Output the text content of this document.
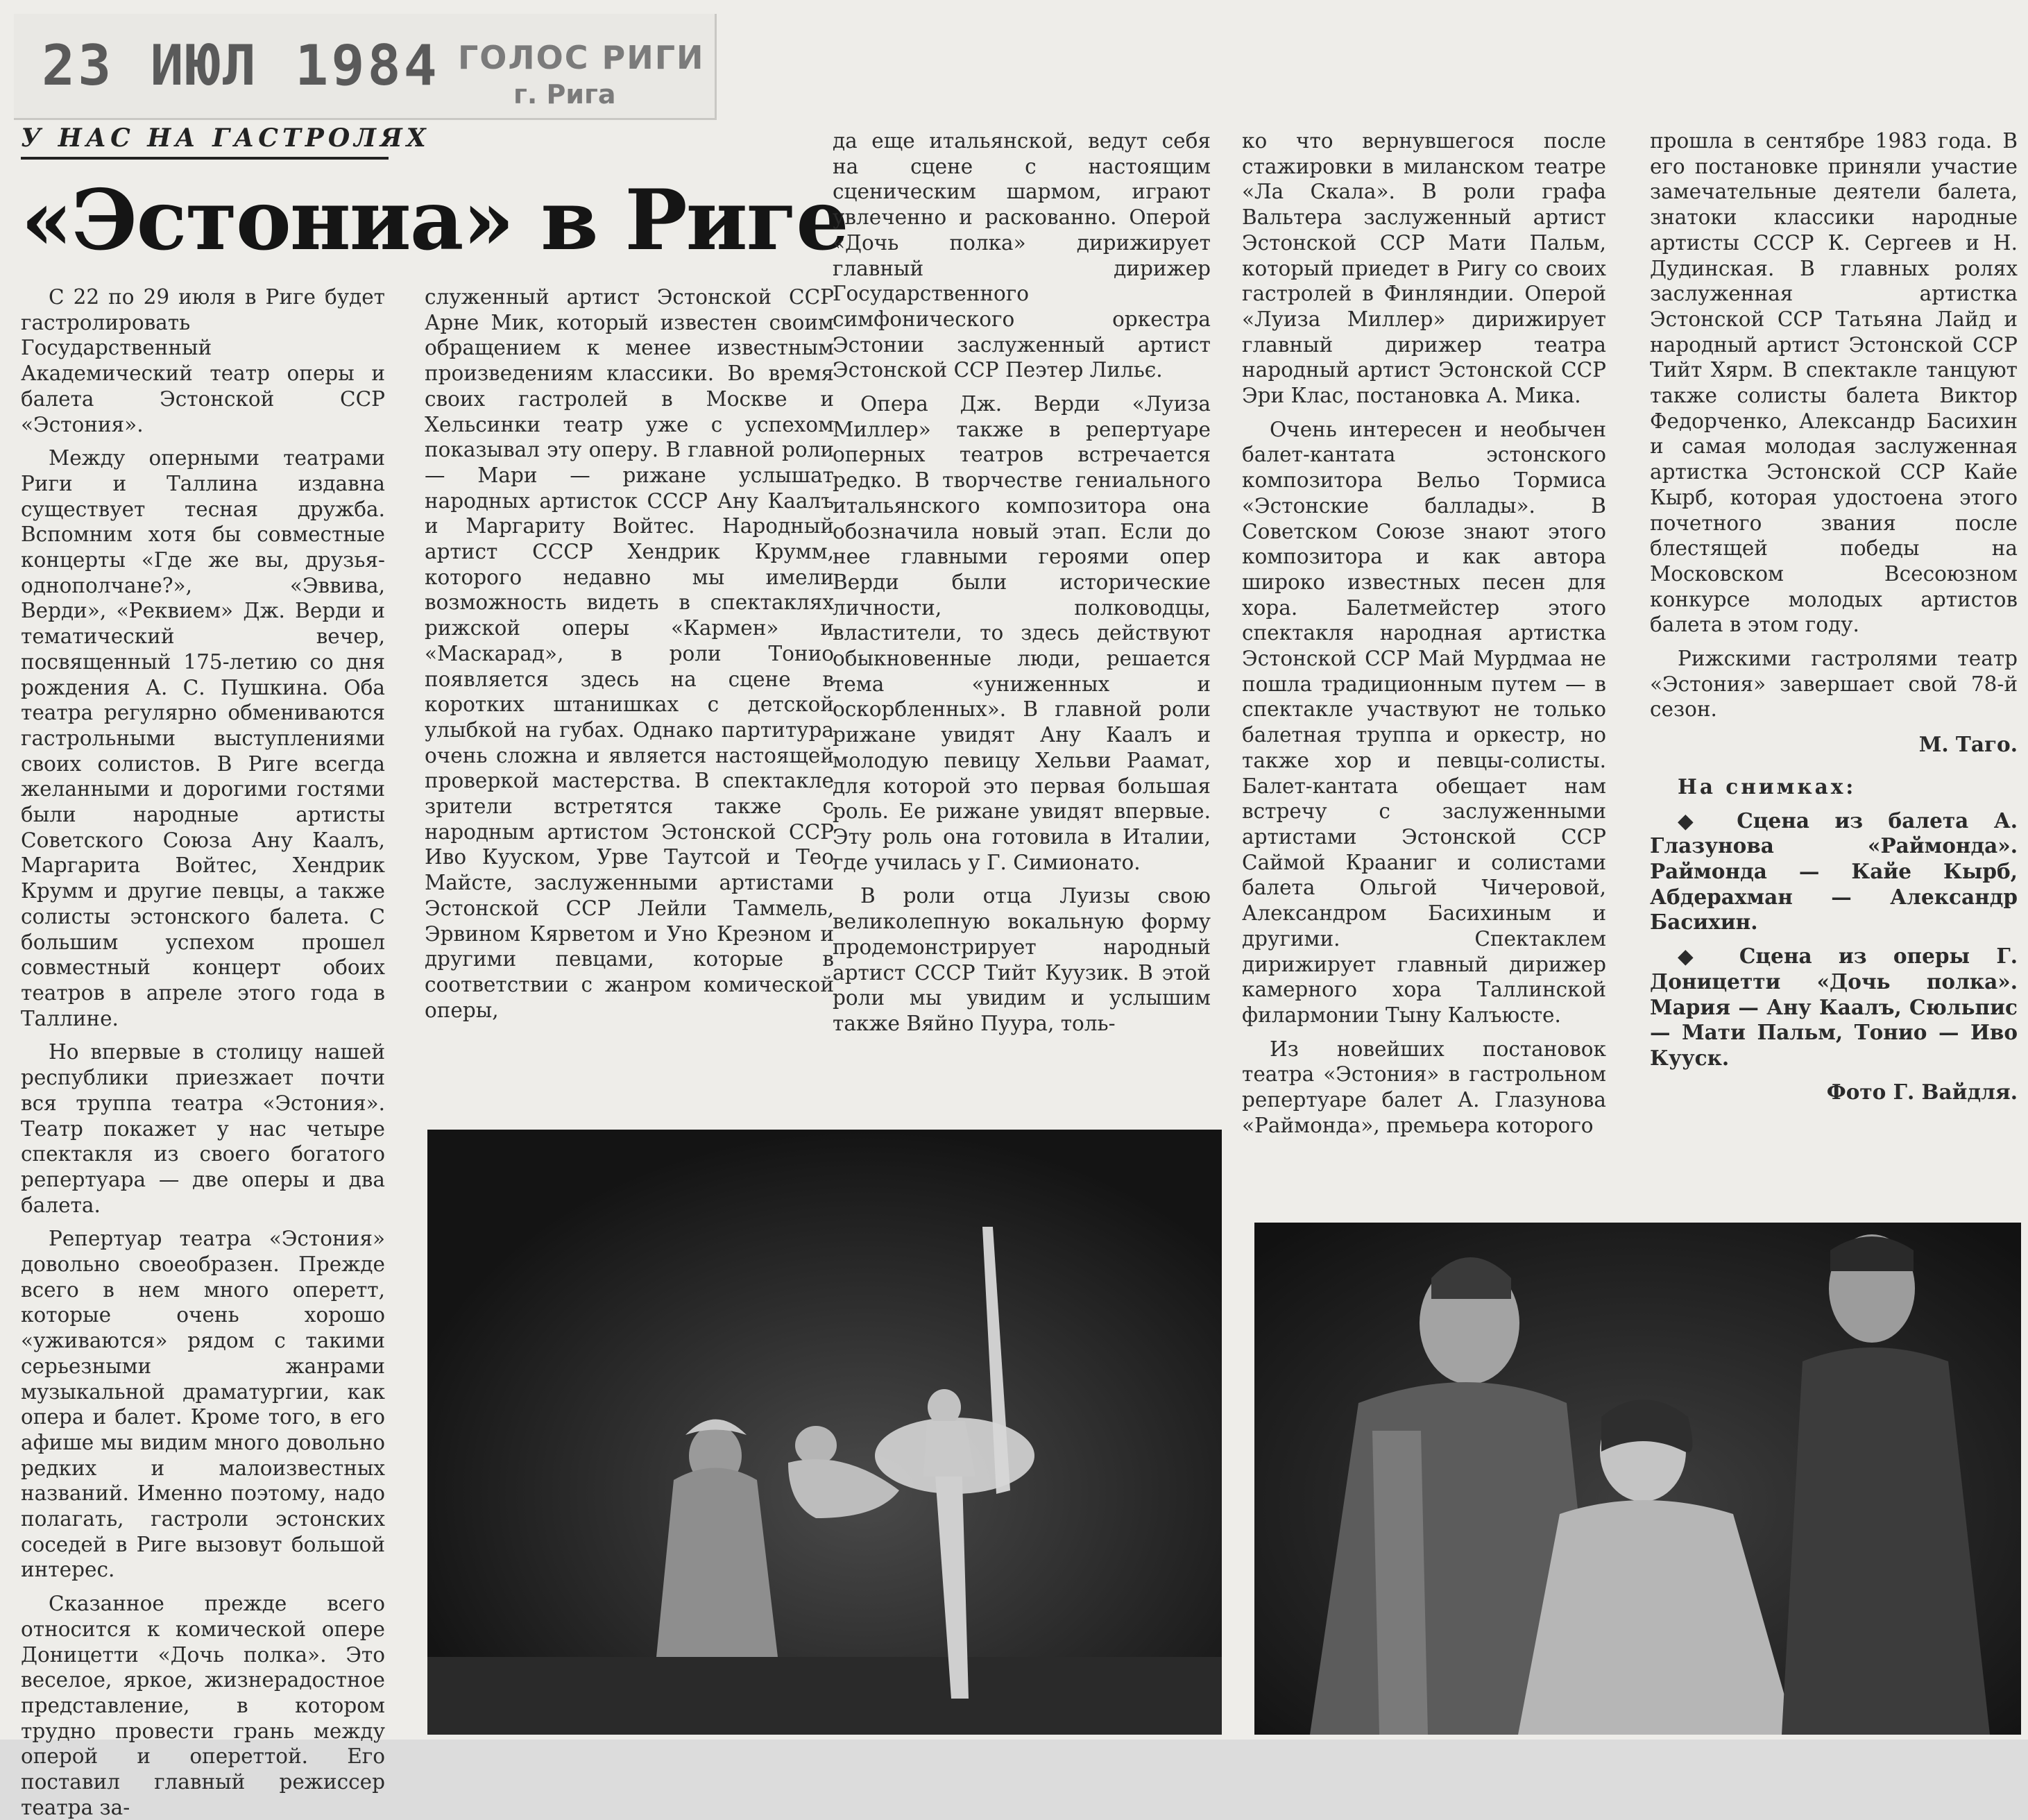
23 ИЮЛ 1984 ГОЛОС РИГИ
г. Рига
У НАС НА ГАСТРОЛЯХ
«Эстониа» в Риге

С 22 по 29 июля в Риге будет гастролировать Государственный Академический театр оперы и балета Эстонской ССР «Эстония».

Между оперными театрами Риги и Таллина издавна существует тесная дружба. Вспомним хотя бы совместные концерты «Где же вы, друзья-однополчане?», «Эввива, Верди», «Реквием» Дж. Верди и тематический вечер, посвященный 175-летию со дня рождения А. С. Пушкина. Оба театра регулярно обмениваются гастрольными выступлениями своих солистов. В Риге всегда желанными и дорогими гостями были народные артисты Советского Союза Ану Каалъ, Маргарита Войтес, Хендрик Крумм и другие певцы, а также солисты эстонского балета. С большим успехом прошел совместный концерт обоих театров в апреле этого года в Таллине.

Но впервые в столицу нашей республики приезжает почти вся труппа театра «Эстония». Театр покажет у нас четыре спектакля из своего богатого репертуара — две оперы и два балета.

Репертуар театра «Эстония» довольно своеобразен. Прежде всего в нем много оперетт, которые очень хорошо «уживаются» рядом с такими серьезными жанрами музыкальной драматургии, как опера и балет. Кроме того, в его афише мы видим много довольно редких и малоизвестных названий. Именно поэтому, надо полагать, гастроли эстонских соседей в Риге вызовут большой интерес.

Сказанное прежде всего относится к комической опере Доницетти «Дочь полка». Это веселое, яркое, жизнерадостное представление, в котором трудно провести грань между оперой и опереттой. Его поставил главный режиссер театра за-

служенный артист Эстонской ССР Арне Мик, который известен своим обращением к менее известным произведениям классики. Во время своих гастролей в Москве и Хельсинки театр уже с успехом показывал эту оперу. В главной роли — Мари — рижане услышат народных артисток СССР Ану Каалъ и Маргариту Войтес. Народный артист СССР Хендрик Крумм, которого недавно мы имели возможность видеть в спектаклях рижской оперы «Кармен» и «Маскарад», в роли Тонио появляется здесь на сцене в коротких штанишках с детской улыбкой на губах. Однако партитура очень сложна и является настоящей проверкой мастерства. В спектакле зрители встретятся также с народным артистом Эстонской ССР Иво Кууском, Урве Таутсой и Тео Майсте, заслуженными артистами Эстонской ССР Лейли Таммель, Эрвином Кярветом и Уно Креэном и другими певцами, которые в соответствии с жанром комической оперы,

да еще итальянской, ведут себя на сцене с настоящим сценическим шармом, играют увлеченно и раскованно. Оперой «Дочь полка» дирижирует главный дирижер Государственного симфонического оркестра Эстонии заслуженный артист Эстонской ССР Пеэтер Лильє.

Опера Дж. Верди «Луиза Миллер» также в репертуаре оперных театров встречается редко. В творчестве гениального итальянского композитора она обозначила новый этап. Если до нее главными героями опер Верди были исторические личности, полководцы, властители, то здесь действуют обыкновенные люди, решается тема «униженных и оскорбленных». В главной роли рижане увидят Ану Каалъ и молодую певицу Хельви Раамат, для которой это первая большая роль. Ее рижане увидят впервые. Эту роль она готовила в Италии, где училась у Г. Симионато.

В роли отца Луизы свою великолепную вокальную форму продемонстрирует народный артист СССР Тийт Куузик. В этой роли мы увидим и услышим также Вяйно Пуура, толь-

ко что вернувшегося после стажировки в миланском театре «Ла Скала». В роли графа Вальтера заслуженный артист Эстонской ССР Мати Пальм, который приедет в Ригу со своих гастролей в Финляндии. Оперой «Луиза Миллер» дирижирует главный дирижер театра народный артист Эстонской ССР Эри Клас, постановка А. Мика.

Очень интересен и необычен балет-кантата эстонского композитора Вельо Тормиса «Эстонские баллады». В Советском Союзе знают этого композитора и как автора широко известных песен для хора. Балетмейстер этого спектакля народная артистка Эстонской ССР Май Мурдмаа не пошла традиционным путем — в спектакле участвуют не только балетная труппа и оркестр, но также хор и певцы-солисты. Балет-кантата обещает нам встречу с заслуженными артистами Эстонской ССР Саймой Крааниг и солистами балета Ольгой Чичеровой, Александром Басихиным и другими. Спектаклем дирижирует главный дирижер камерного хора Таллинской филармонии Тыну Калъюсте.

Из новейших постановок театра «Эстония» в гастрольном репертуаре балет А. Глазунова «Раймонда», премьера которого

прошла в сентябре 1983 года. В его постановке приняли участие замечательные деятели балета, знатоки классики народные артисты СССР К. Сергеев и Н. Дудинская. В главных ролях заслуженная артистка Эстонской ССР Татьяна Лайд и народный артист Эстонской ССР Тийт Хярм. В спектакле танцуют также солисты балета Виктор Федорченко, Александр Басихин и самая молодая заслуженная артистка Эстонской ССР Кайе Кырб, которая удостоена этого почетного звания после блестящей победы на Московском Всесоюзном конкурсе молодых артистов балета в этом году.

Рижскими гастролями театр «Эстония» завершает свой 78-й сезон.

М. Таго.

На снимках:

◆ Сцена из балета А. Глазунова «Раймонда». Раймонда — Кайе Кырб, Абдерахман — Александр Басихин.

◆ Сцена из оперы Г. Доницетти «Дочь полка». Мария — Ану Каалъ, Сюльпис — Мати Пальм, Тонио — Иво Кууск.

Фото Г. Вайдля.
